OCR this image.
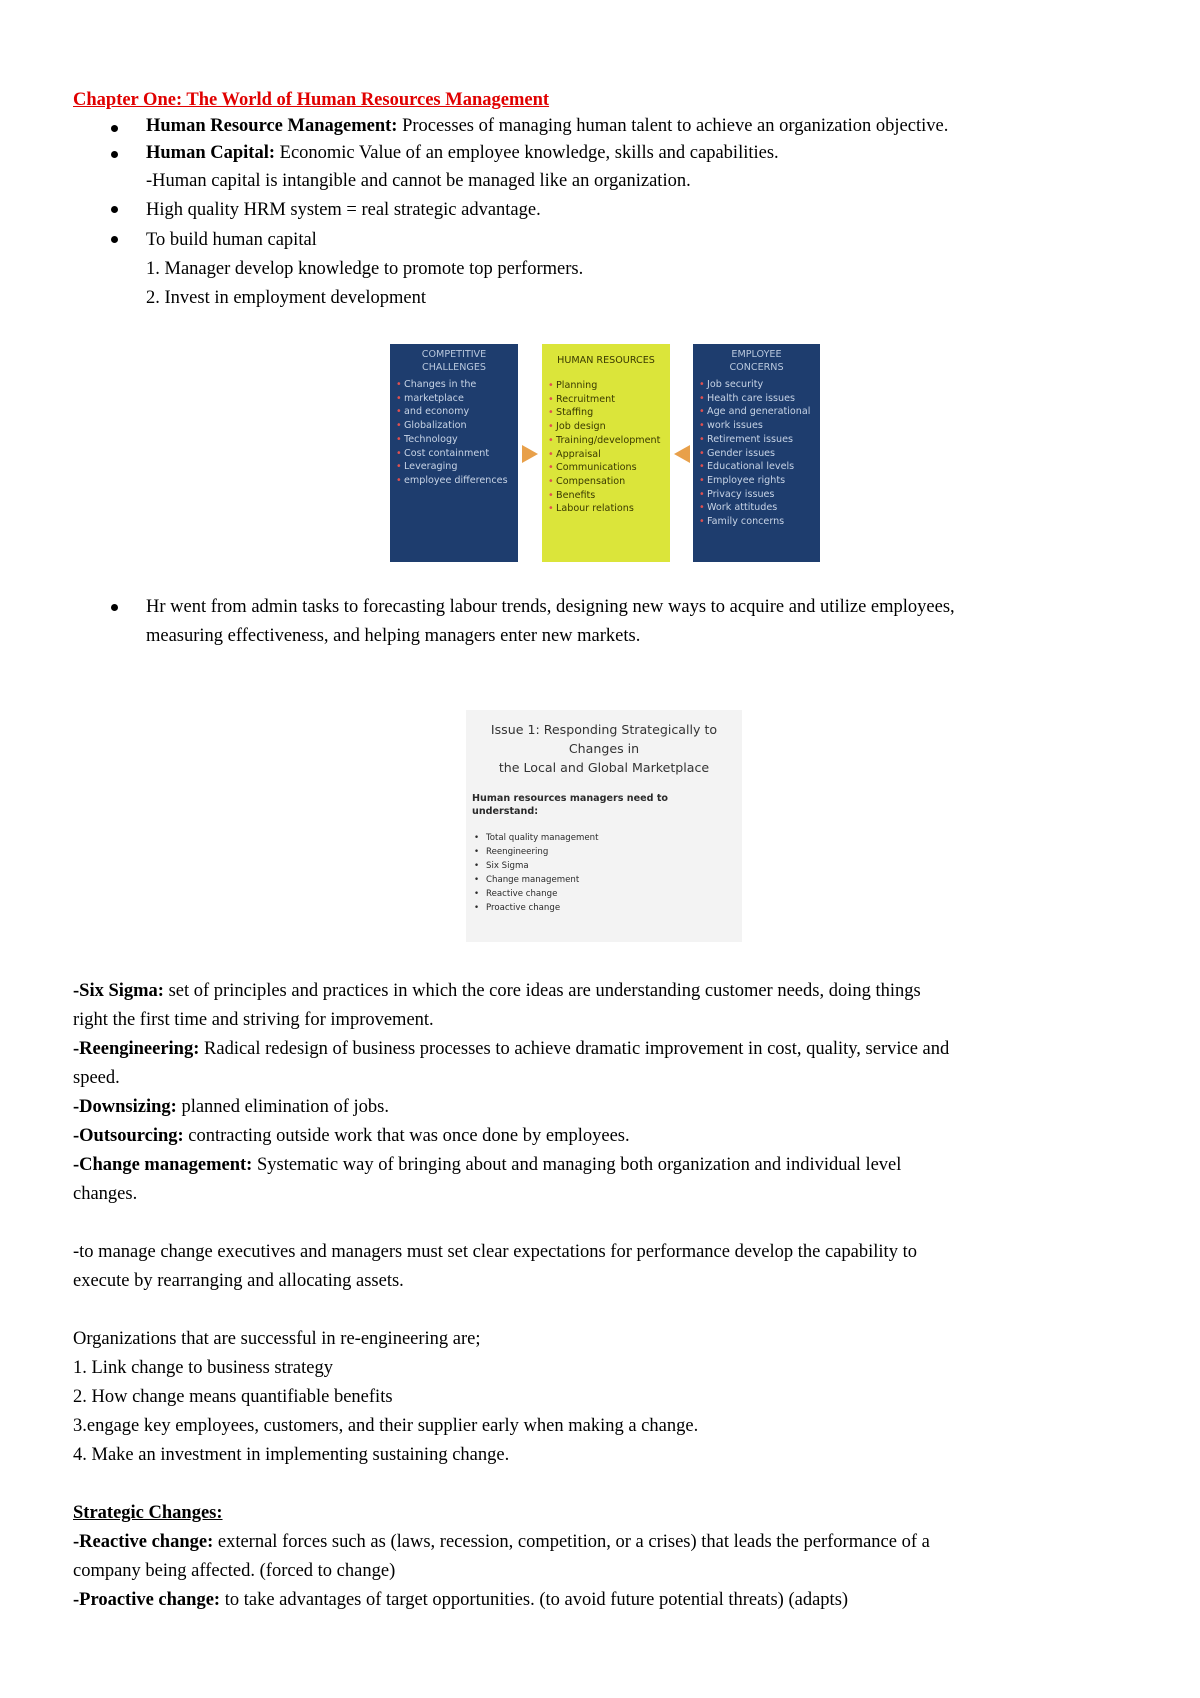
Chapter One: The World of Human Resources Management
Human Resource Management: Processes of managing human talent to achieve an organization objective.
Human Capital: Economic Value of an employee knowledge, skills and capabilities.
-Human capital is intangible and cannot be managed like an organization.
High quality HRM system = real strategic advantage.
To build human capital
1. Manager develop knowledge to promote top performers.
2. Invest in employment development
COMPETITIVE
CHALLENGES
• Changes in the
• marketplace
• and economy
• Globalization
• Technology
• Cost containment
• Leveraging
• employee differences
HUMAN RESOURCES
• Planning
• Recruitment
• Staffing
• Job design
• Training/development
• Appraisal
• Communications
• Compensation
• Benefits
• Labour relations
EMPLOYEE
CONCERNS
• Job security
• Health care issues
• Age and generational
• work issues
• Retirement issues
• Gender issues
• Educational levels
• Employee rights
• Privacy issues
• Work attitudes
• Family concerns
Hr went from admin tasks to forecasting labour trends, designing new ways to acquire and utilize employees,
measuring effectiveness, and helping managers enter new markets.
Issue 1: Responding Strategically to Changes in
the Local and Global Marketplace
Human resources managers need to understand:
• Total quality management
• Reengineering
• Six Sigma
• Change management
• Reactive change
• Proactive change
-Six Sigma: set of principles and practices in which the core ideas are understanding customer needs, doing things
right the first time and striving for improvement.
-Reengineering: Radical redesign of business processes to achieve dramatic improvement in cost, quality, service and
speed.
-Downsizing: planned elimination of jobs.
-Outsourcing: contracting outside work that was once done by employees.
-Change management: Systematic way of bringing about and managing both organization and individual level
changes.
-to manage change executives and managers must set clear expectations for performance develop the capability to
execute by rearranging and allocating assets.
Organizations that are successful in re-engineering are;
1. Link change to business strategy
2. How change means quantifiable benefits
3.engage key employees, customers, and their supplier early when making a change.
4. Make an investment in implementing sustaining change.
Strategic Changes:
-Reactive change: external forces such as (laws, recession, competition, or a crises) that leads the performance of a
company being affected. (forced to change)
-Proactive change: to take advantages of target opportunities. (to avoid future potential threats) (adapts)
